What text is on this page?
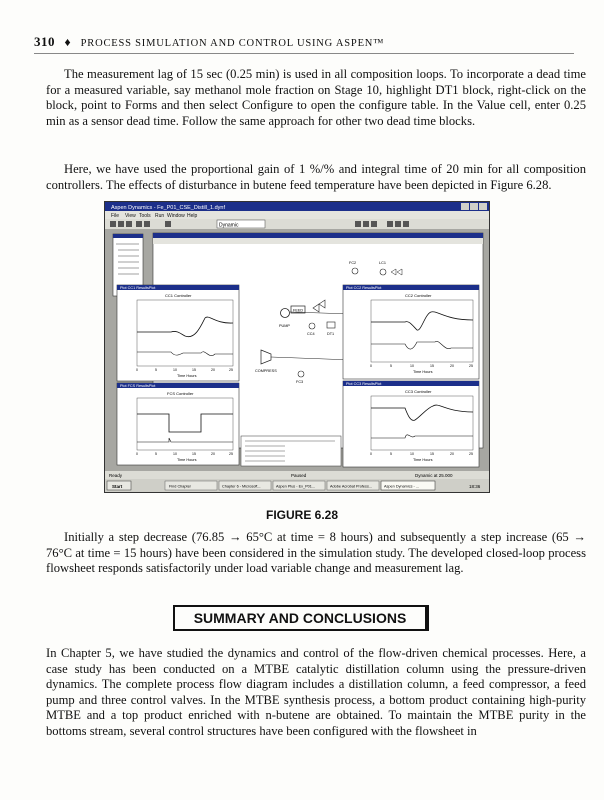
310 ♦ PROCESS SIMULATION AND CONTROL USING ASPEN™

The measurement lag of 15 sec (0.25 min) is used in all composition loops. To incorporate a dead time for a measured variable, say methanol mole fraction on Stage 10, highlight DT1 block, right-click on the block, point to Forms and then select Configure to open the configure table. In the Value cell, enter 0.25 min as a sensor dead time. Follow the same approach for other two dead time blocks.

Here, we have used the proportional gain of 1 %/% and integral time of 20 min for all composition controllers. The effects of disturbance in butene feed temperature have been depicted in Figure 6.28.

Aspen Dynamics - Fe_P01_CSE_Distill_1.dynf
File View Tools Run Window Help
Dynamic
FEED
PUMP
CC4	DT1
COMPRESS
FC3
FC2	LC1
Plot CC1 ResultsPlot
CC1 Controller
0	5	10	15	20	25
Time Hours
Plot FCS ResultsPlot
FCS Controller
0	5	10	15	20	25
Time Hours
Plot CC2 ResultsPlot
CC2 Controller
0	5	10	15	20	25
Time Hours
Plot CC3 ResultsPlot
CC3 Controller
0	5	10	15	20	25
Time Hours
Ready	Paused	Dynamic at 25.000
Start	Find Chapter	Chapter 6 - Microsoft...	Aspen Plus - Ex_P01...	Adobe Acrobat Profess...	Aspen Dynamics - ...	18:36
FIGURE 6.28

Initially a step decrease (76.85 → 65°C at time = 8 hours) and subsequently a step increase (65 → 76°C at time = 15 hours) have been considered in the simulation study. The developed closed-loop process flowsheet responds satisfactorily under load variable change and measurement lag.

SUMMARY AND CONCLUSIONS

In Chapter 5, we have studied the dynamics and control of the flow-driven chemical processes. Here, a case study has been conducted on a MTBE catalytic distillation column using the pressure-driven dynamics. The complete process flow diagram includes a distillation column, a feed compressor, a feed pump and three control valves. In the MTBE synthesis process, a bottom product containing high-purity MTBE and a top product enriched with n-butene are obtained. To maintain the MTBE purity in the bottoms stream, several control structures have been configured with the flowsheet in
